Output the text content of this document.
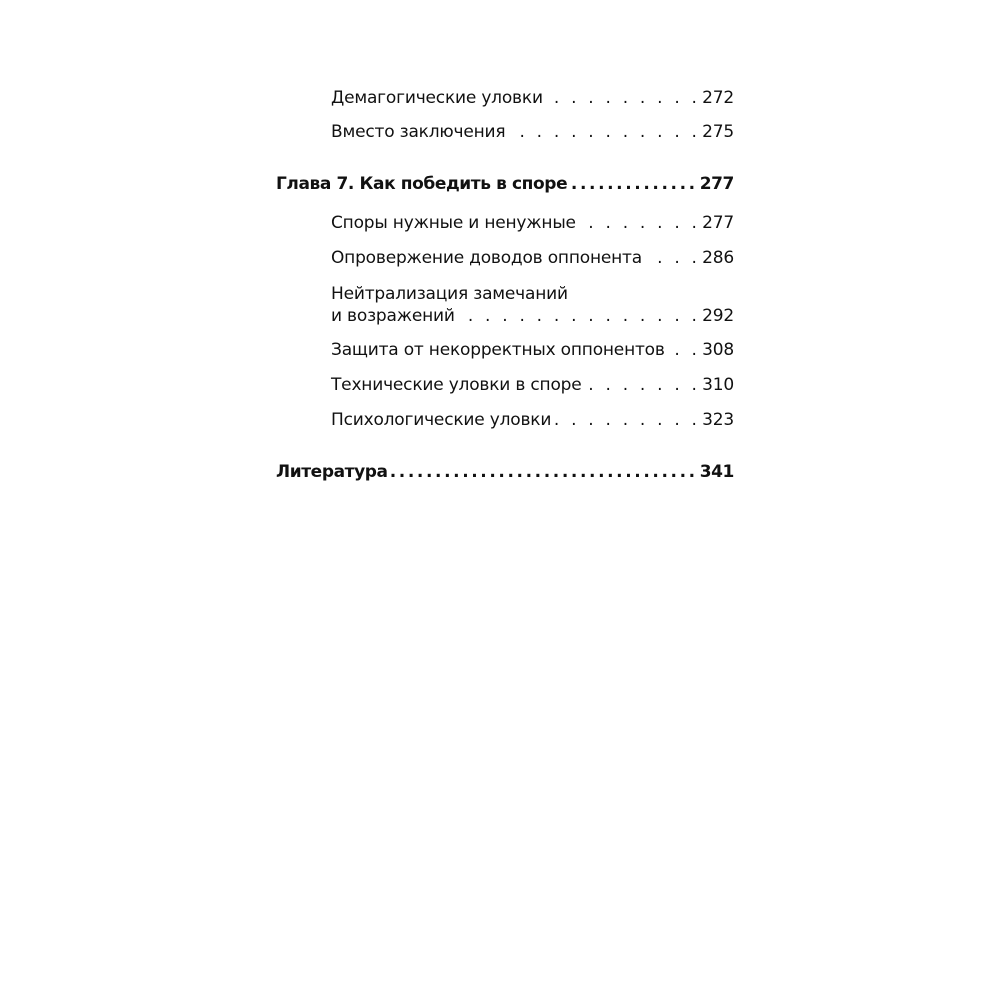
Демагогические уловки . . .	272
Вместо заключения . . .	275
Глава 7. Как победить в споре .....	277
Споры нужные и ненужные . . .	277
Опровержение доводов оппонента . . .	286
Нейтрализация замечаний
и возражений . . .	292
Защита от некорректных оппонентов . . . 308
Технические уловки в споре . . .	310
Психологические уловки . . .	323
Литература .....	341
